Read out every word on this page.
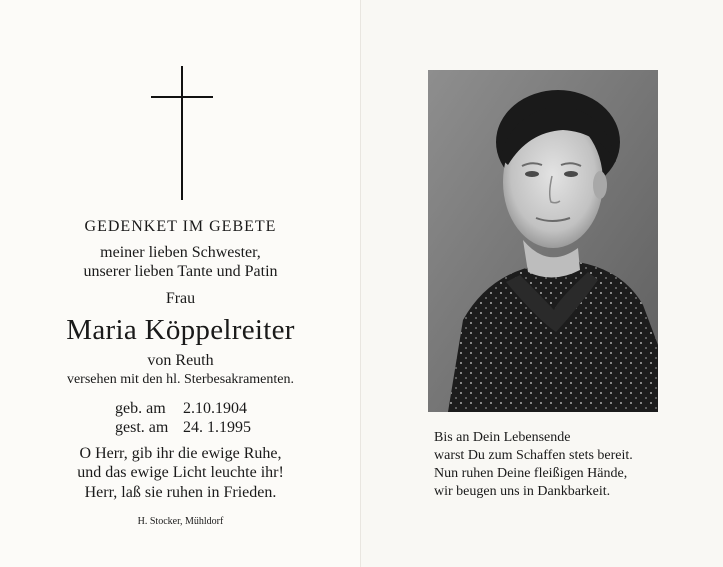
GEDENKET IM GEBETE
meiner lieben Schwester,
unserer lieben Tante und Patin
Frau
Maria Köppelreiter
von Reuth
versehen mit den hl. Sterbesakramenten.
geb. am 2.10.1904
gest. am 24. 1.1995
O Herr, gib ihr die ewige Ruhe,
und das ewige Licht leuchte ihr!
Herr, laß sie ruhen in Frieden.
H. Stocker, Mühldorf
Bis an Dein Lebensende
warst Du zum Schaffen stets bereit.
Nun ruhen Deine fleißigen Hände,
wir beugen uns in Dankbarkeit.
